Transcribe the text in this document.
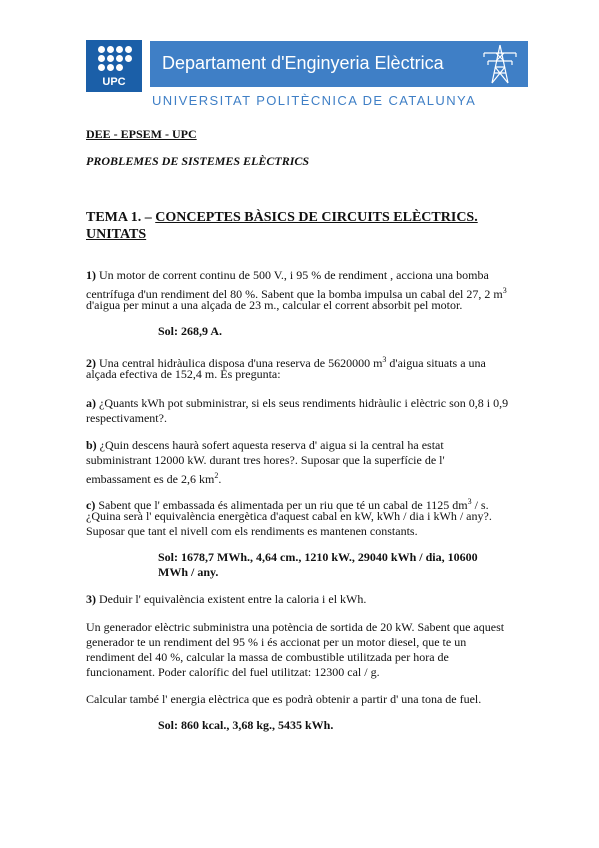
UPC
Departament d'Enginyeria Elèctrica
UNIVERSITAT POLITÈCNICA DE CATALUNYA
DEE - EPSEM - UPC
PROBLEMES DE SISTEMES ELÈCTRICS
TEMA 1. – CONCEPTES BÀSICS DE CIRCUITS ELÈCTRICS.
UNITATS
1) Un motor de corrent continu de 500 V., i 95 % de rendiment , acciona una bomba
centrífuga d'un rendiment del 80 %. Sabent que la bomba impulsa un cabal del 27, 2 $m^3$
d'aigua per minut a una alçada de 23 m., calcular el corrent absorbit pel motor.
Sol: 268,9 A.
2) Una central hidràulica disposa d'una reserva de 5620000 $m^3$ d'aigua situats a una
alçada efectiva de 152,4 m. Es pregunta:
a) ¿Quants kWh pot subministrar, si els seus rendiments hidràulic i elèctric son 0,8 i 0,9
respectivament?.
b) ¿Quin descens haurà sofert aquesta reserva d' aigua si la central ha estat
subministrant 12000 kW. durant tres hores?. Suposar que la superfície de l'
embassament es de 2,6 $km^2$.
c) Sabent que l' embassada és alimentada per un riu que té un cabal de 1125 $dm^3$ / s.
¿Quina serà l' equivalència energètica d'aquest cabal en kW, kWh / dia i kWh / any?.
Suposar que tant el nivell com els rendiments es mantenen constants.
Sol: 1678,7 MWh., 4,64 cm., 1210 kW., 29040 kWh / dia, 10600
MWh / any.
3) Deduir l' equivalència existent entre la caloria i el kWh.
Un generador elèctric subministra una potència de sortida de 20 kW. Sabent que aquest
generador te un rendiment del 95 % i és accionat per un motor diesel, que te un
rendiment del 40 %, calcular la massa de combustible utilitzada per hora de
funcionament. Poder calorífic del fuel utilitzat: 12300 cal / g.
Calcular també l' energia elèctrica que es podrà obtenir a partir d' una tona de fuel.
Sol: 860 kcal., 3,68 kg., 5435 kWh.
